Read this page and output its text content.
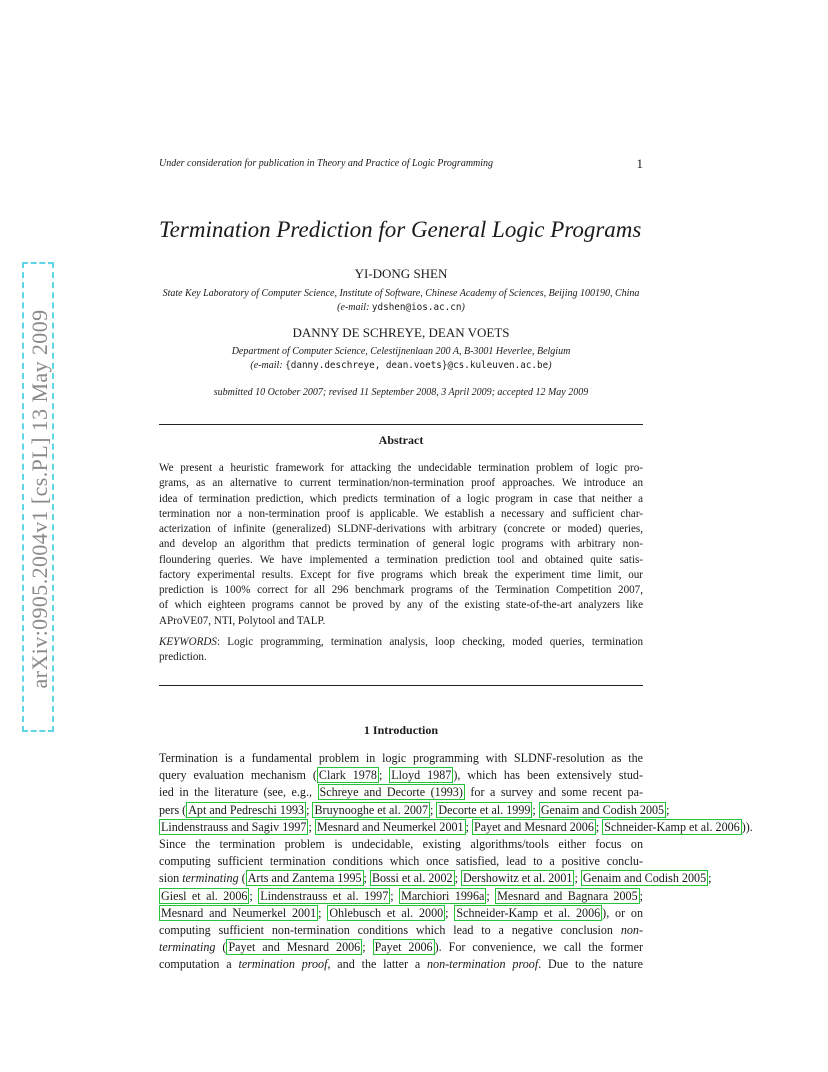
arXiv:0905.2004v1 [cs.PL] 13 May 2009
Under consideration for publication in Theory and Practice of Logic Programming	1
Termination Prediction for General Logic Programs
YI-DONG SHEN
State Key Laboratory of Computer Science, Institute of Software, Chinese Academy of Sciences, Beijing 100190, China
(e-mail: ydshen@ios.ac.cn)
DANNY DE SCHREYE, DEAN VOETS
Department of Computer Science, Celestijnenlaan 200 A, B-3001 Heverlee, Belgium
(e-mail: {danny.deschreye, dean.voets}@cs.kuleuven.ac.be)
submitted 10 October 2007; revised 11 September 2008, 3 April 2009; accepted 12 May 2009
Abstract

We present a heuristic framework for attacking the undecidable termination problem of logic pro-
grams, as an alternative to current termination/non-termination proof approaches. We introduce an
idea of termination prediction, which predicts termination of a logic program in case that neither a
termination nor a non-termination proof is applicable. We establish a necessary and sufficient char-
acterization of infinite (generalized) SLDNF-derivations with arbitrary (concrete or moded) queries,
and develop an algorithm that predicts termination of general logic programs with arbitrary non-
floundering queries. We have implemented a termination prediction tool and obtained quite satis-
factory experimental results. Except for five programs which break the experiment time limit, our
prediction is 100% correct for all 296 benchmark programs of the Termination Competition 2007,
of which eighteen programs cannot be proved by any of the existing state-of-the-art analyzers like
AProVE07, NTI, Polytool and TALP.

KEYWORDS: Logic programming, termination analysis, loop checking, moded queries, termination
prediction.

1 Introduction
Termination is a fundamental problem in logic programming with SLDNF-resolution as the
query evaluation mechanism ( Clark 1978 ; Lloyd 1987 ), which has been extensively stud-
ied in the literature (see, e.g., Schreye and Decorte (1993) for a survey and some recent pa-
pers ( Apt and Pedreschi 1993 ; Bruynooghe et al. 2007 ; Decorte et al. 1999 ; Genaim and Codish 2005 ;
Lindenstrauss and Sagiv 1997 ; Mesnard and Neumerkel 2001 ; Payet and Mesnard 2006 ; Schneider-Kamp et al. 2006 )).
Since the termination problem is undecidable, existing algorithms/tools either focus on
computing sufficient termination conditions which once satisfied, lead to a positive conclu-
sion terminating ( Arts and Zantema 1995 ; Bossi et al. 2002 ; Dershowitz et al. 2001 ; Genaim and Codish 2005 ;
Giesl et al. 2006 ; Lindenstrauss et al. 1997 ; Marchiori 1996a ; Mesnard and Bagnara 2005 ;
Mesnard and Neumerkel 2001 ; Ohlebusch et al. 2000 ; Schneider-Kamp et al. 2006 ), or on
computing sufficient non-termination conditions which lead to a negative conclusion non-
terminating ( Payet and Mesnard 2006 ; Payet 2006 ). For convenience, we call the former
computation a termination proof, and the latter a non-termination proof. Due to the nature
